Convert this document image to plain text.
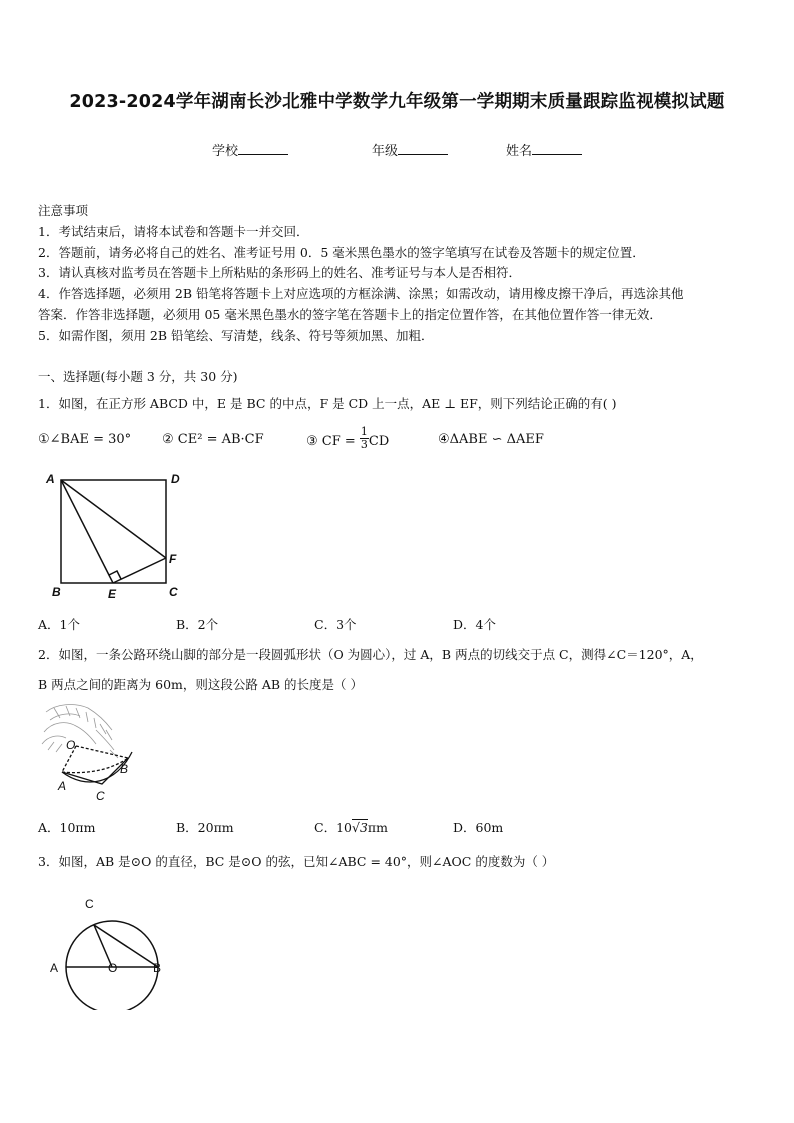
2023-2024学年湖南长沙北雅中学数学九年级第一学期期末质量跟踪监视模拟试题
学校	年级	姓名
注意事项
1．考试结束后，请将本试卷和答题卡一并交回．
2．答题前，请务必将自己的姓名、准考证号用 0．5 毫米黑色墨水的签字笔填写在试卷及答题卡的规定位置．
3．请认真核对监考员在答题卡上所粘贴的条形码上的姓名、准考证号与本人是否相符．
4．作答选择题，必须用 2B 铅笔将答题卡上对应选项的方框涂满、涂黑；如需改动，请用橡皮擦干净后，再选涂其他
答案．作答非选择题，必须用 05 毫米黑色墨水的签字笔在答题卡上的指定位置作答，在其他位置作答一律无效．
5．如需作图，须用 2B 铅笔绘、写清楚，线条、符号等须加黑、加粗．
一、选择题(每小题 3 分，共 30 分)
1．如图，在正方形 ABCD 中，E 是 BC 的中点，F 是 CD 上一点，AE ⊥ EF，则下列结论正确的有( )
①∠BAE = 30° ② CE² = AB·CF	③ CF = $\frac{1}{3}$ CD	④ΔABE ∽ ΔAEF
A	D
B	E	C
F
A．1个	B．2个	C．3个	D．4个
2．如图，一条公路环绕山脚的部分是一段圆弧形状（O 为圆心），过 A，B 两点的切线交于点 C，测得∠C＝120°，A，
B 两点之间的距离为 60m，则这段公路 AB 的长度是（ ）
O
B
A
C
A．10πm	B．20πm	C．10√3πm	D．60m
3．如图，AB 是⊙O 的直径，BC 是⊙O 的弦，已知∠ABC = 40°，则∠AOC 的度数为（ ）
C
A	O	B
